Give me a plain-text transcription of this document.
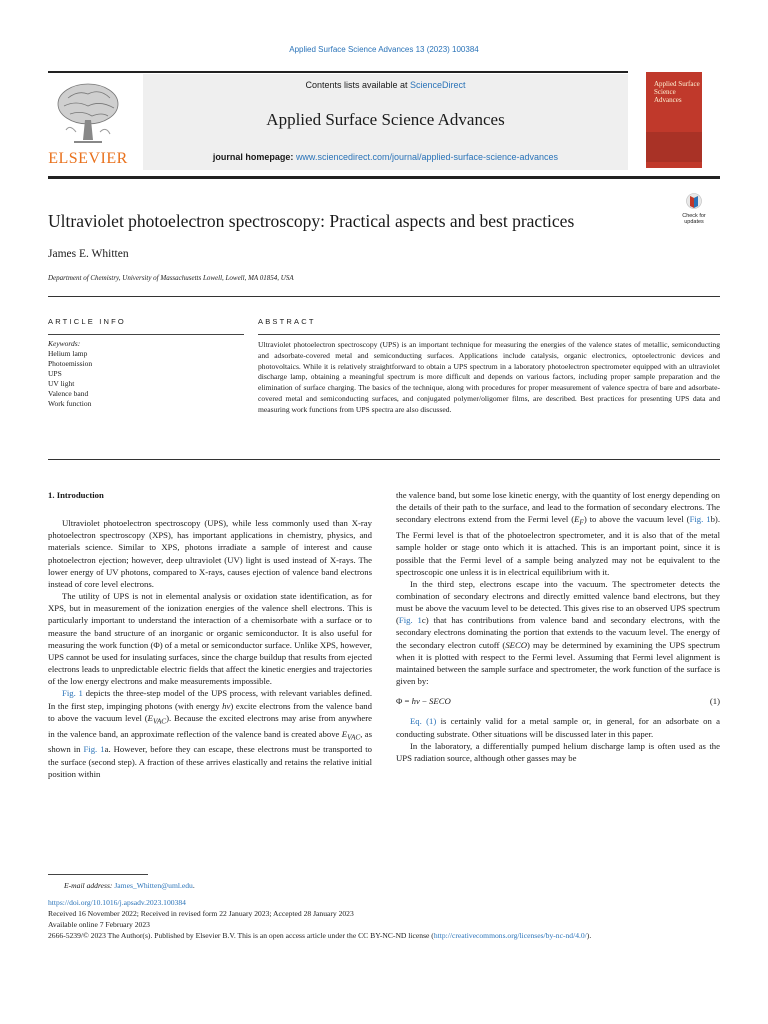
Applied Surface Science Advances 13 (2023) 100384
ELSEVIER
Contents lists available at ScienceDirect
Applied Surface Science Advances
journal homepage: www.sciencedirect.com/journal/applied-surface-science-advances
Applied Surface Science Advances
Ultraviolet photoelectron spectroscopy: Practical aspects and best practices	Check for
updates
James E. Whitten
Department of Chemistry, University of Massachusetts Lowell, Lowell, MA 01854, USA
ARTICLE INFO	ABSTRACT
Keywords:
Helium lamp
Photoemission
UPS
UV light
Valence band
Work function
Ultraviolet photoelectron spectroscopy (UPS) is an important technique for measuring the energies of the valence states of metallic, semiconducting and adsorbate-covered metal and semiconducting surfaces. Applications include catalysis, organic electronics, optoelectronic devices and photovoltaics. While it is relatively straightforward to obtain a UPS spectrum in a laboratory photoelectron spectrometer equipped with an ultraviolet discharge lamp, obtaining a meaningful spectrum is more difficult and depends on various factors, including proper sample preparation and the elimination of surface charging. The basics of the technique, along with procedures for proper measurement of valence spectra of bare and adsorbate-covered metal and semiconducting surfaces, and conjugated polymer/oligomer films, are described. Best practices for presenting UPS data and measuring work functions from UPS spectra are also discussed.
1. Introduction

Ultraviolet photoelectron spectroscopy (UPS), while less commonly used than X-ray photoelectron spectroscopy (XPS), has important applications in chemistry, physics, and materials science. Similar to XPS, photons irradiate a sample of interest and cause photoelectron ejection; however, deep ultraviolet (UV) light is used instead of X-rays. The lower energy of UV photons, compared to X-rays, causes ejection of valence band electrons instead of core level electrons.

The utility of UPS is not in elemental analysis or oxidation state identification, as for XPS, but in measurement of the ionization energies of the valence shell electrons. This is particularly important to understand the interaction of a chemisorbate with a surface or to measure the band structure of an inorganic or organic semiconductor. It is also useful for measuring the work function (Φ) of a metal or semiconductor surface. Unlike XPS, however, UPS cannot be used for insulating surfaces, since the charge buildup that results from ejected electrons leads to unpredictable electric fields that affect the kinetic energies and trajectories of the low energy electrons and make measurements impossible.

Fig. 1 depicts the three-step model of the UPS process, with relevant variables defined. In the first step, impinging photons (with energy hν) excite electrons from the valence band to above the vacuum level $(E_{VAC})$. Because the excited electrons may arise from anywhere in the valence band, an approximate reflection of the valence band is created above $E_{VAC}$, as shown in Fig. 1a. However, before they can escape, these electrons must be transported to the surface (second step). A fraction of these arrives elastically and retains the relative initial position within

the valence band, but some lose kinetic energy, with the quantity of lost energy depending on the details of their path to the surface, and lead to the formation of secondary electrons. The secondary electrons extend from the Fermi level $(E_F)$ to above the vacuum level (Fig. 1b). The Fermi level is that of the photoelectron spectrometer, and it is also that of the metal sample holder or stage onto which it is attached. This is an important point, since it is possible that the Fermi level of a sample being analyzed may not be equivalent to the spectroscopic one unless it is in electrical equilibrium with it.

In the third step, electrons escape into the vacuum. The spectrometer detects the combination of secondary electrons and directly emitted valence band electrons, but they must be above the vacuum level to be detected. This gives rise to an observed UPS spectrum (Fig. 1c) that has contributions from valence band and secondary electrons, with the secondary electrons dominating the portion that extends to the vacuum level. The energy of the secondary electron cutoff (SECO) may be determined by examining the UPS spectrum when it is plotted with respect to the Fermi level. Assuming that Fermi level alignment is maintained between the sample surface and spectrometer, the work function of the surface is given by:

Φ = hν − SECO	(1)

Eq. (1) is certainly valid for a metal sample or, in general, for an adsorbate on a conducting substrate. Other situations will be discussed later in this paper.

In the laboratory, a differentially pumped helium discharge lamp is often used as the UPS radiation source, although other gasses may be

E-mail address: James_Whitten@uml.edu.
https://doi.org/10.1016/j.apsadv.2023.100384
Received 16 November 2022; Received in revised form 22 January 2023; Accepted 28 January 2023
Available online 7 February 2023
2666-5239/© 2023 The Author(s). Published by Elsevier B.V. This is an open access article under the CC BY-NC-ND license (http://creativecommons.org/licenses/by-nc-nd/4.0/).
